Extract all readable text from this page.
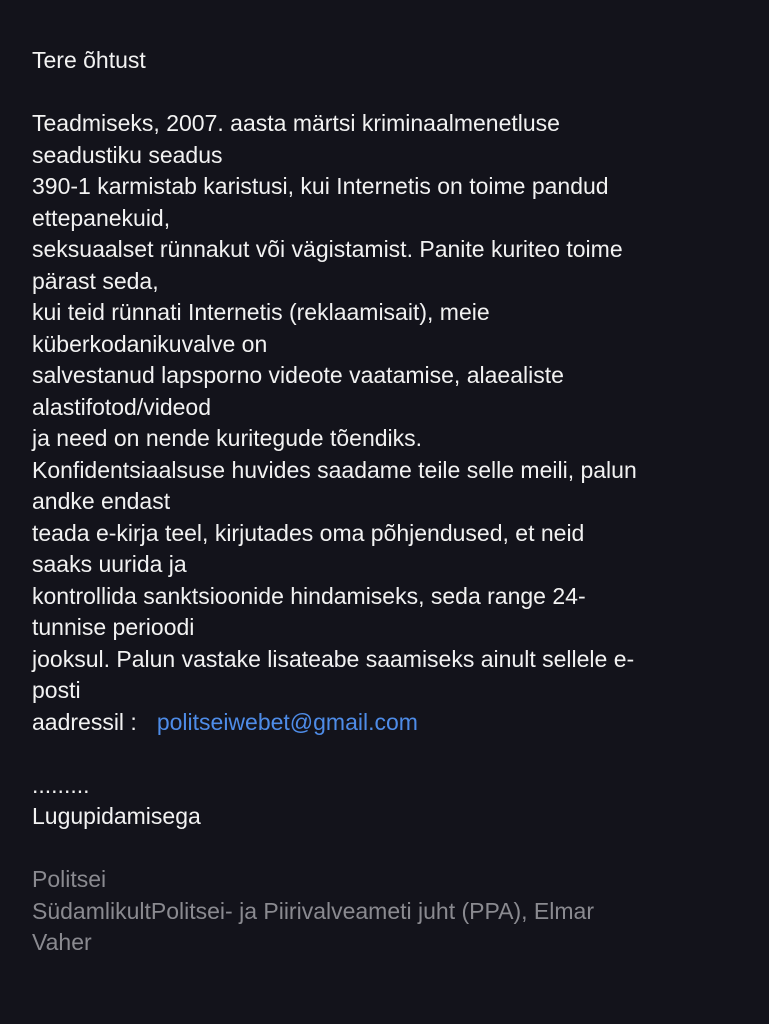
Tere õhtust
Teadmiseks, 2007. aasta märtsi kriminaalmenetluse
seadustiku seadus
390-1 karmistab karistusi, kui Internetis on toime pandud
ettepanekuid,
seksuaalset rünnakut või vägistamist. Panite kuriteo toime
pärast seda,
kui teid rünnati Internetis (reklaamisait), meie
küberkodanikuvalve on
salvestanud lapsporno videote vaatamise, alaealiste
alastifotod/videod
ja need on nende kuritegude tõendiks.
Konfidentsiaalsuse huvides saadame teile selle meili, palun
andke endast
teada e-kirja teel, kirjutades oma põhjendused, et neid
saaks uurida ja
kontrollida sanktsioonide hindamiseks, seda range 24-
tunnise perioodi
jooksul. Palun vastake lisateabe saamiseks ainult sellele e-
posti
aadressil : politseiwebet@gmail.com
.........
Lugupidamisega
Politsei
SüdamlikultPolitsei- ja Piirivalveameti juht (PPA), Elmar
Vaher
